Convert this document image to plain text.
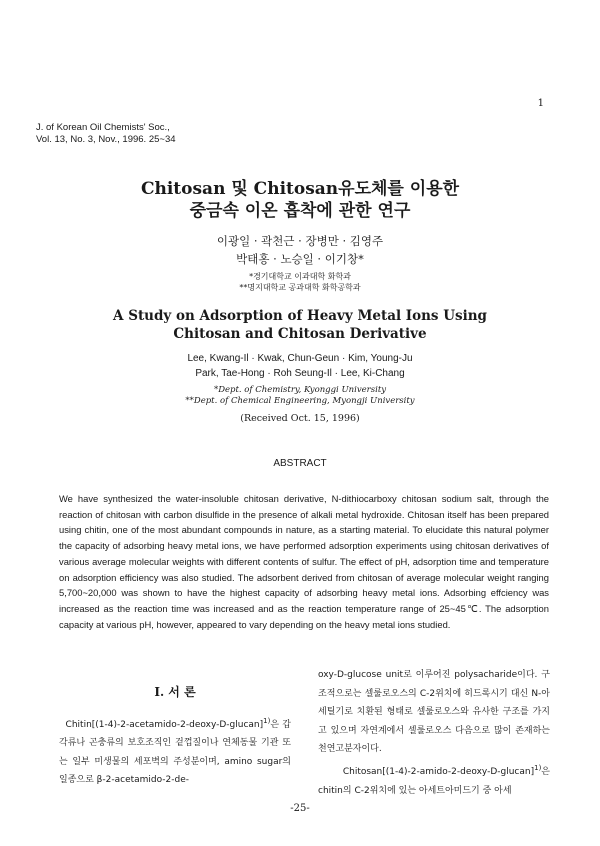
1
J. of Korean Oil Chemists' Soc.,
Vol. 13, No. 3, Nov., 1996. 25~34
Chitosan 및 Chitosan유도체를 이용한
중금속 이온 흡착에 관한 연구
이광일 · 곽천근 · 장병만 · 김영주
박태홍 · 노승일 · 이기창*
*경기대학교 이과대학 화학과
**명지대학교 공과대학 화학공학과
A Study on Adsorption of Heavy Metal Ions Using
Chitosan and Chitosan Derivative
Lee, Kwang-Il · Kwak, Chun-Geun · Kim, Young-Ju
Park, Tae-Hong · Roh Seung-Il · Lee, Ki-Chang
*Dept. of Chemistry, Kyonggi University
**Dept. of Chemical Engineering, Myongji University
(Received Oct. 15, 1996)
ABSTRACT
We have synthesized the water-insoluble chitosan derivative, N-dithiocarboxy chitosan sodium salt, through the reaction of chitosan with carbon disulfide in the presence of alkali metal hydroxide. Chitosan itself has been prepared using chitin, one of the most abundant compounds in nature, as a starting material. To elucidate this natural polymer the capacity of adsorbing heavy metal ions, we have performed adsorption experiments using chitosan derivatives of various average molecular weights with different contents of sulfur. The effect of pH, adsorption time and temperature on adsorption efficiency was also studied. The adsorbent derived from chitosan of average molecular weight ranging 5,700~20,000 was shown to have the highest capacity of adsorbing heavy metal ions. Adsorbing effciency was increased as the reaction time was increased and as the reaction temperature range of 25~45℃. The adsorption capacity at various pH, however, appeared to vary depending on the heavy metal ions studied.
Ⅰ. 서 론
Chitin[(1-4)-2-acetamido-2-deoxy-D-glucan]$^{1)}$은 갑각류나 곤충류의 보호조직인 겉껍질이나 연체동물 기관 또는 일부 미생물의 세포벽의 주성분이며, amino sugar의 일종으로 β-2-acetamido-2-de-
oxy-D-glucose unit로 이루어진 polysacharide이다. 구조적으로는 셀룰로오스의 C-2위치에 히드록시기 대신 N-아세틸기로 치환된 형태로 셀룰로오스와 유사한 구조를 가지고 있으며 자연계에서 셀룰로오스 다음으로 많이 존재하는 천연고분자이다.
Chitosan[(1-4)-2-amido-2-deoxy-D-glucan]$^{1)}$은 chitin의 C-2위치에 있는 아세트아미드기 중 아세
-25-
